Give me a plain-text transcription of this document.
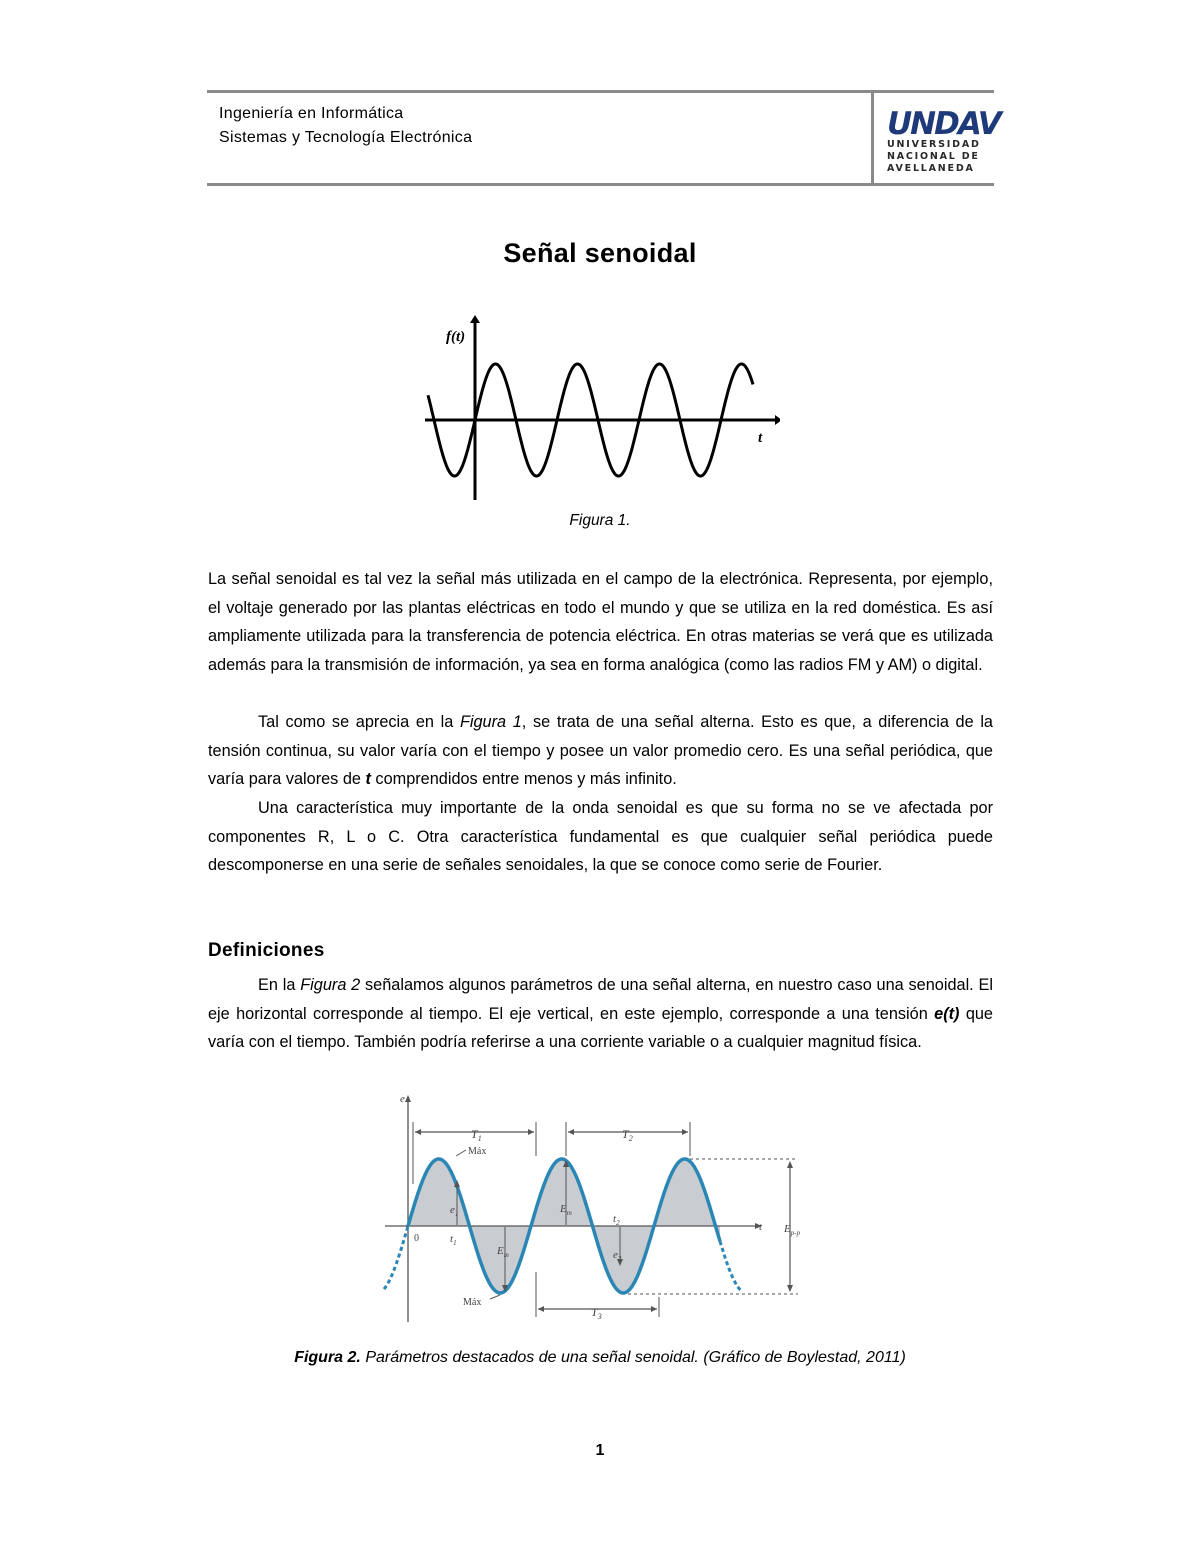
Ingeniería en Informática
Sistemas y Tecnología Electrónica	UNDAV
UNIVERSIDAD
NACIONAL DE
AVELLANEDA
Señal senoidal
f(t)
t
Figura 1.

La señal senoidal es tal vez la señal más utilizada en el campo de la electrónica. Representa, por ejemplo, el voltaje generado por las plantas eléctricas en todo el mundo y que se utiliza en la red doméstica. Es así ampliamente utilizada para la transferencia de potencia eléctrica. En otras materias se verá que es utilizada además para la transmisión de información, ya sea en forma analógica (como las radios FM y AM) o digital.

Tal como se aprecia en la Figura 1, se trata de una señal alterna. Esto es que, a diferencia de la tensión continua, su valor varía con el tiempo y posee un valor promedio cero. Es una señal periódica, que varía para valores de t comprendidos entre menos y más infinito.

Una característica muy importante de la onda senoidal es que su forma no se ve afectada por componentes R, L o C. Otra característica fundamental es que cualquier señal periódica puede descomponerse en una serie de señales senoidales, la que se conoce como serie de Fourier.

Definiciones

En la Figura 2 señalamos algunos parámetros de una señal alterna, en nuestro caso una senoidal. El eje horizontal corresponde al tiempo. El eje vertical, en este ejemplo, corresponde a una tensión e(t) que varía con el tiempo. También podría referirse a una corriente variable o a cualquier magnitud física.

e
t
0
$T_1$	$T_2$
$T_3$
Máx
Máx
$e_1$
$t_1$
$E_m$
$E_m$
$t_2$
$e_2$
$E_{p-p}$
Figura 2. Parámetros destacados de una señal senoidal. (Gráfico de Boylestad, 2011)
1
